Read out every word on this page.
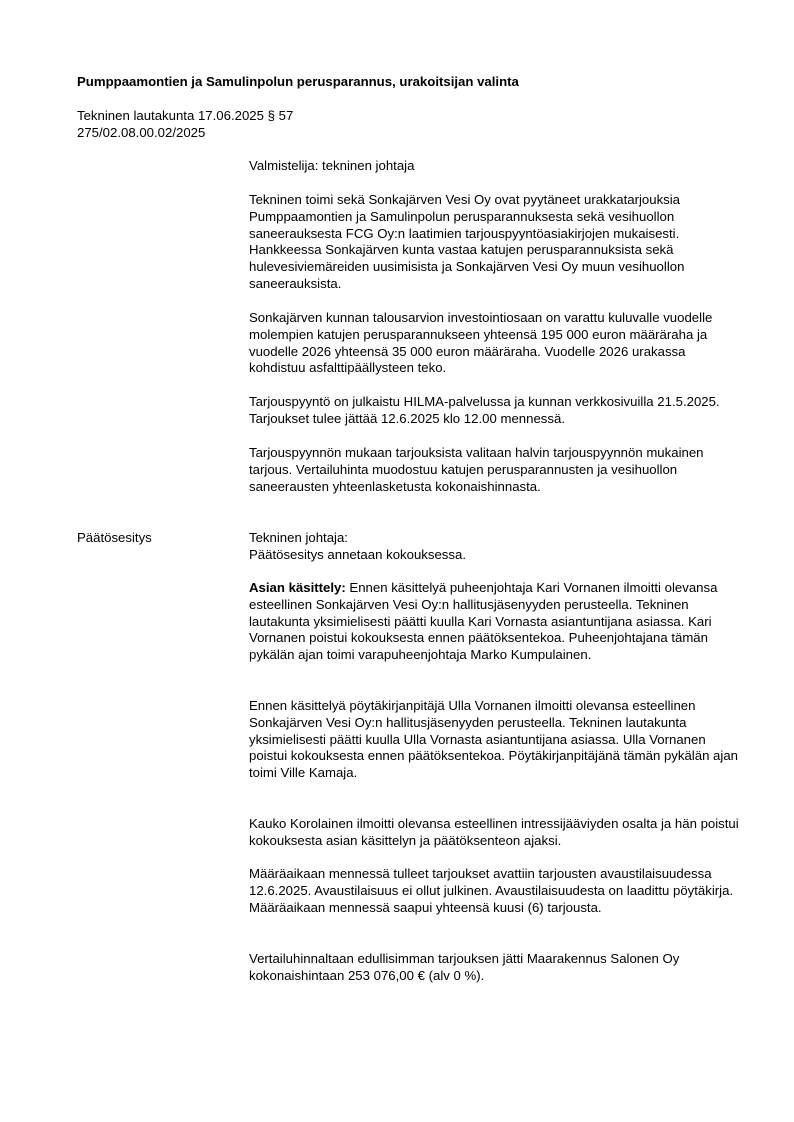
Pumppaamontien ja Samulinpolun perusparannus, urakoitsijan valinta
Tekninen lautakunta 17.06.2025 § 57
275/02.08.00.02/2025
Valmistelija: tekninen johtaja

Tekninen toimi sekä Sonkajärven Vesi Oy ovat pyytäneet urakkatarjouksia Pumppaamontien ja Samulinpolun perusparannuksesta sekä vesihuollon saneerauksesta FCG Oy:n laatimien tarjouspyyntöasiakirjojen mukaisesti. Hankkeessa Sonkajärven kunta vastaa katujen perusparannuksista sekä hulevesiviemäreiden uusimisista ja Sonkajärven Vesi Oy muun vesihuollon saneerauksista.

Sonkajärven kunnan talousarvion investointiosaan on varattu kuluvalle vuodelle molempien katujen perusparannukseen yhteensä 195 000 euron määräraha ja vuodelle 2026 yhteensä 35 000 euron määräraha. Vuodelle 2026 urakassa kohdistuu asfalttipäällysteen teko.

Tarjouspyyntö on julkaistu HILMA-palvelussa ja kunnan verkkosivuilla 21.5.2025. Tarjoukset tulee jättää 12.6.2025 klo 12.00 mennessä.

Tarjouspyynnön mukaan tarjouksista valitaan halvin tarjouspyynnön mukainen tarjous. Vertailuhinta muodostuu katujen perusparannusten ja vesihuollon saneerausten yhteenlasketusta kokonaishinnasta.

Päätösesitys	Tekninen johtaja:
Päätösesitys annetaan kokouksessa.

Asian käsittely: Ennen käsittelyä puheenjohtaja Kari Vornanen ilmoitti olevansa esteellinen Sonkajärven Vesi Oy:n hallitusjäsenyyden perusteella. Tekninen lautakunta yksimielisesti päätti kuulla Kari Vornasta asiantuntijana asiassa. Kari Vornanen poistui kokouksesta ennen päätöksentekoa. Puheenjohtajana tämän pykälän ajan toimi varapuheenjohtaja Marko Kumpulainen.

Ennen käsittelyä pöytäkirjanpitäjä Ulla Vornanen ilmoitti olevansa esteellinen Sonkajärven Vesi Oy:n hallitusjäsenyyden perusteella. Tekninen lautakunta yksimielisesti päätti kuulla Ulla Vornasta asiantuntijana asiassa. Ulla Vornanen poistui kokouksesta ennen päätöksentekoa. Pöytäkirjanpitäjänä tämän pykälän ajan toimi Ville Kamaja.

Kauko Korolainen ilmoitti olevansa esteellinen intressijääviyden osalta ja hän poistui kokouksesta asian käsittelyn ja päätöksenteon ajaksi.

Määräaikaan mennessä tulleet tarjoukset avattiin tarjousten avaustilaisuudessa 12.6.2025. Avaustilaisuus ei ollut julkinen. Avaustilaisuudesta on laadittu pöytäkirja. Määräaikaan mennessä saapui yhteensä kuusi (6) tarjousta.

Vertailuhinnaltaan edullisimman tarjouksen jätti Maarakennus Salonen Oy kokonaishintaan 253 076,00 € (alv 0 %).
